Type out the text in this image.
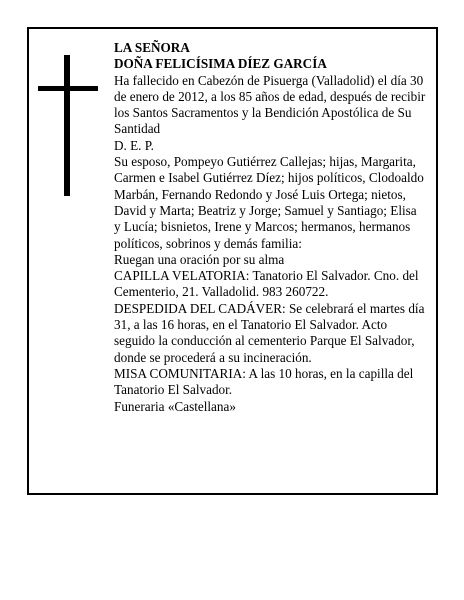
LA SEÑORA

DOÑA FELICÍSIMA DÍEZ GARCÍA

Ha fallecido en Cabezón de Pisuerga (Valladolid) el día 30 de enero de 2012, a los 85 años de edad, después de recibir los Santos Sacramentos y la Bendición Apostólica de Su Santidad

D. E. P.

Su esposo, Pompeyo Gutiérrez Callejas; hijas, Margarita, Carmen e Isabel Gutiérrez Díez; hijos políticos, Clodoaldo Marbán, Fernando Redondo y José Luis Ortega; nietos, David y Marta; Beatriz y Jorge; Samuel y Santiago; Elisa y Lucía; bisnietos, Irene y Marcos; hermanos, hermanos políticos, sobrinos y demás familia:

Ruegan una oración por su alma

CAPILLA VELATORIA: Tanatorio El Salvador. Cno. del Cementerio, 21. Valladolid. 983 260722.

DESPEDIDA DEL CADÁVER: Se celebrará el martes día 31, a las 16 horas, en el Tanatorio El Salvador. Acto seguido la conducción al cementerio Parque El Salvador, donde se procederá a su incineración.

MISA COMUNITARIA: A las 10 horas, en la capilla del Tanatorio El Salvador.

Funeraria «Castellana»
